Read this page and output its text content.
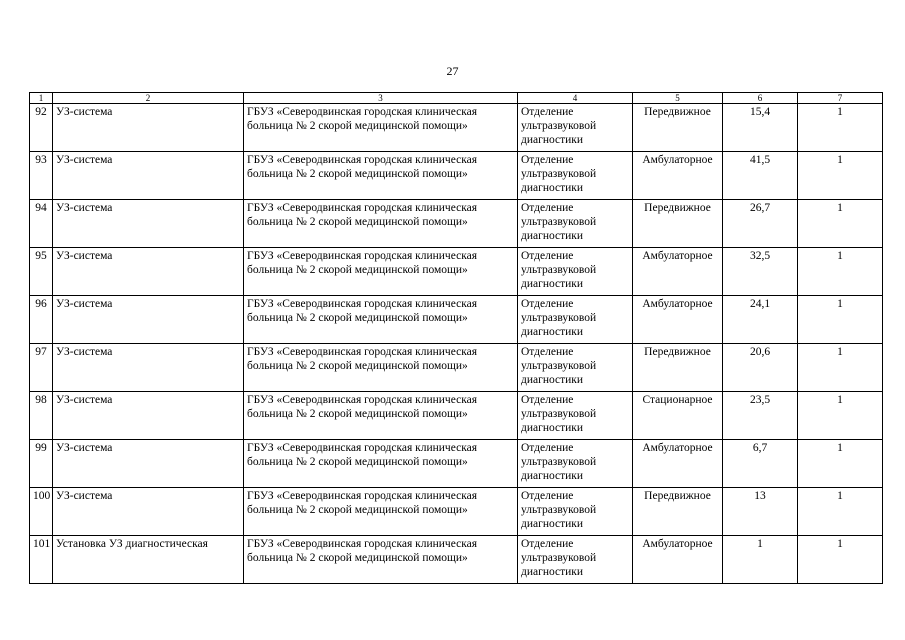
27
1	2	3	4	5	6	7
92	УЗ-система	ГБУЗ «Северодвинская городская клиническая больница № 2 скорой медицинской помощи»	Отделение ультразвуковой диагностики	Передвижное	15,4	1
93	УЗ-система	ГБУЗ «Северодвинская городская клиническая больница № 2 скорой медицинской помощи»	Отделение ультразвуковой диагностики	Амбулаторное	41,5	1
94	УЗ-система	ГБУЗ «Северодвинская городская клиническая больница № 2 скорой медицинской помощи»	Отделение ультразвуковой диагностики	Передвижное	26,7	1
95	УЗ-система	ГБУЗ «Северодвинская городская клиническая больница № 2 скорой медицинской помощи»	Отделение ультразвуковой диагностики	Амбулаторное	32,5	1
96	УЗ-система	ГБУЗ «Северодвинская городская клиническая больница № 2 скорой медицинской помощи»	Отделение ультразвуковой диагностики	Амбулаторное	24,1	1
97	УЗ-система	ГБУЗ «Северодвинская городская клиническая больница № 2 скорой медицинской помощи»	Отделение ультразвуковой диагностики	Передвижное	20,6	1
98	УЗ-система	ГБУЗ «Северодвинская городская клиническая больница № 2 скорой медицинской помощи»	Отделение ультразвуковой диагностики	Стационарное	23,5	1
99	УЗ-система	ГБУЗ «Северодвинская городская клиническая больница № 2 скорой медицинской помощи»	Отделение ультразвуковой диагностики	Амбулаторное	6,7	1
100	УЗ-система	ГБУЗ «Северодвинская городская клиническая больница № 2 скорой медицинской помощи»	Отделение ультразвуковой диагностики	Передвижное	13	1
101	Установка УЗ диагностическая	ГБУЗ «Северодвинская городская клиническая больница № 2 скорой медицинской помощи»	Отделение ультразвуковой диагностики	Амбулаторное	1	1
